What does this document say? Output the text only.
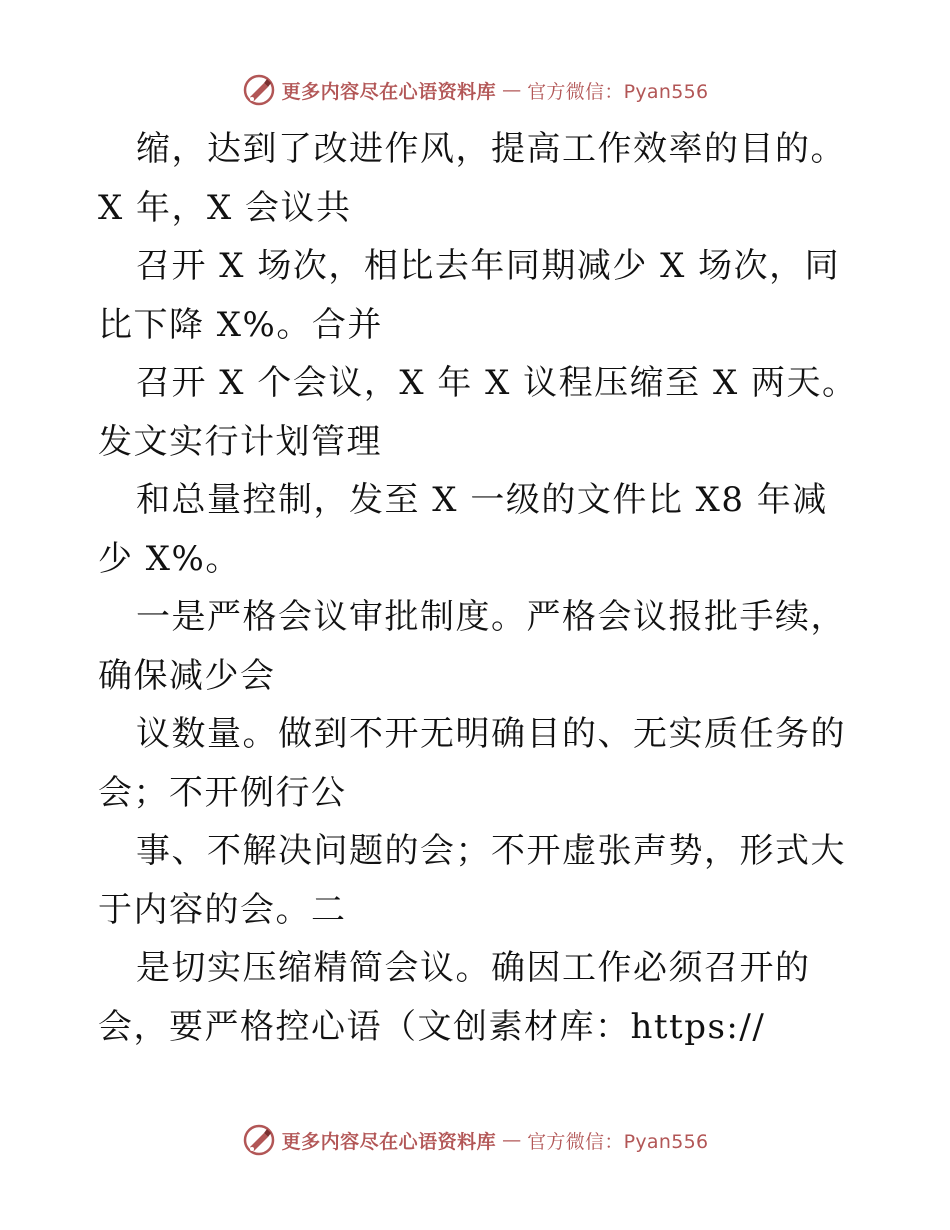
更多内容尽在心语资料库 — 官方微信：Pyan556

缩，达到了改进作风，提高工作效率的目的。X 年，X 会议共

召开 X 场次，相比去年同期减少 X 场次，同比下降 X%。合并

召开 X 个会议，X 年 X 议程压缩至 X 两天。发文实行计划管理

和总量控制，发至 X 一级的文件比 X8 年减少 X%。

一是严格会议审批制度。严格会议报批手续，确保减少会

议数量。做到不开无明确目的、无实质任务的会；不开例行公

事、不解决问题的会；不开虚张声势，形式大于内容的会。二

是切实压缩精简会议。确因工作必须召开的会，要严格控心语（文创素材库：https://

更多内容尽在心语资料库 — 官方微信：Pyan556
